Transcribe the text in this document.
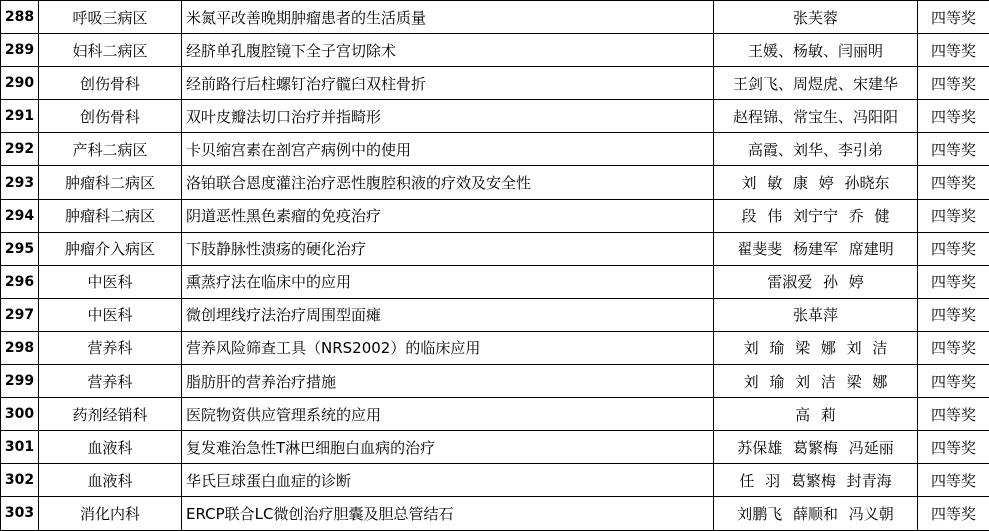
288	呼吸三病区	米氮平改善晚期肿瘤患者的生活质量	张芙蓉	四等奖
289	妇科二病区	经脐单孔腹腔镜下全子宫切除术	王媛、杨敏、闫丽明	四等奖
290	创伤骨科	经前路行后柱螺钉治疗髋臼双柱骨折	王剑飞、周煜虎、宋建华	四等奖
291	创伤骨科	双叶皮瓣法切口治疗并指畸形	赵程锦、常宝生、冯阳阳	四等奖
292	产科二病区	卡贝缩宫素在剖宫产病例中的使用	高霞、刘华、李引弟	四等奖
293	肿瘤科二病区	洛铂联合恩度灌注治疗恶性腹腔积液的疗效及安全性	刘 敏 康 婷 孙晓东	四等奖
294	肿瘤科二病区	阴道恶性黑色素瘤的免疫治疗	段 伟 刘宁宁 乔 健	四等奖
295	肿瘤介入病区	下肢静脉性溃疡的硬化治疗	翟斐斐 杨建军 席建明	四等奖
296	中医科	熏蒸疗法在临床中的应用	雷淑爱 孙 婷	四等奖
297	中医科	微创埋线疗法治疗周围型面瘫	张革萍	四等奖
298	营养科	营养风险筛查工具（NRS2002）的临床应用	刘 瑜 梁 娜 刘 洁	四等奖
299	营养科	脂肪肝的营养治疗措施	刘 瑜 刘 洁 梁 娜	四等奖
300	药剂经销科	医院物资供应管理系统的应用	高 莉	四等奖
301	血液科	复发难治急性T淋巴细胞白血病的治疗	苏保雄 葛繁梅 冯延丽	四等奖
302	血液科	华氏巨球蛋白血症的诊断	任 羽 葛繁梅 封青海	四等奖
303	消化内科	ERCP联合LC微创治疗胆囊及胆总管结石	刘鹏飞 薛顺和 冯义朝	四等奖
